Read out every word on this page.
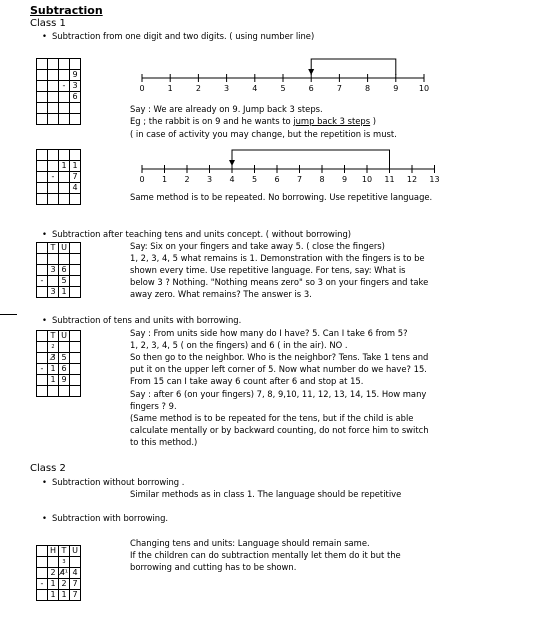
Subtraction
Class 1
• Subtraction from one digit and two digits. ( using number line)

			9
		-	3
			6

0	1	2	3	4	5	6	7	8	9	10
Say : We are already on 9. Jump back 3 steps.
Eg ; the rabbit is on 9 and he wants to jump back 3 steps )
( in case of activity you may change, but the repetition is must.

		1	1
	-		7
			4

0 1 2 3 4 5 6 7 8 9 10 11 12 13
Same method is to be repeated. No borrowing. Use repetitive language.
• Subtraction after teaching tens and units concept. ( without borrowing)
	T	U	

	3	6	
-		5	
	3	1	
Say: Six on your fingers and take away 5. ( close the fingers)
1, 2, 3, 4, 5 what remains is 1. Demonstration with the fingers is to be
shown every time. Use repetitive language. For tens, say: What is
below 3 ? Nothing. "Nothing means zero" so 3 on your fingers and take
away zero. What remains? The answer is 3.
• Subtraction of tens and units with borrowing.
	T	U	
	2		
	3̸	5	
-	1	6	
	1	9	

Say : From units side how many do I have? 5. Can I take 6 from 5?
1, 2, 3, 4, 5 ( on the fingers) and 6 ( in the air). NO .
So then go to the neighbor. Who is the neighbor? Tens. Take 1 tens and
put it on the upper left corner of 5. Now what number do we have? 15.
From 15 can I take away 6 count after 6 and stop at 15.
Say : after 6 (on your fingers) 7, 8, 9,10, 11, 12, 13, 14, 15. How many
fingers ? 9.
(Same method is to be repeated for the tens, but if the child is able
calculate mentally or by backward counting, do not force him to switch
to this method.)
Class 2
• Subtraction without borrowing .
Similar methods as in class 1. The language should be repetitive
• Subtraction with borrowing.
Changing tens and units: Language should remain same.
If the children can do subtraction mentally let them do it but the
borrowing and cutting has to be shown.
	H	T	U
		3	
	2	4̸¹	4
-	1	2	7
	1	1	7
